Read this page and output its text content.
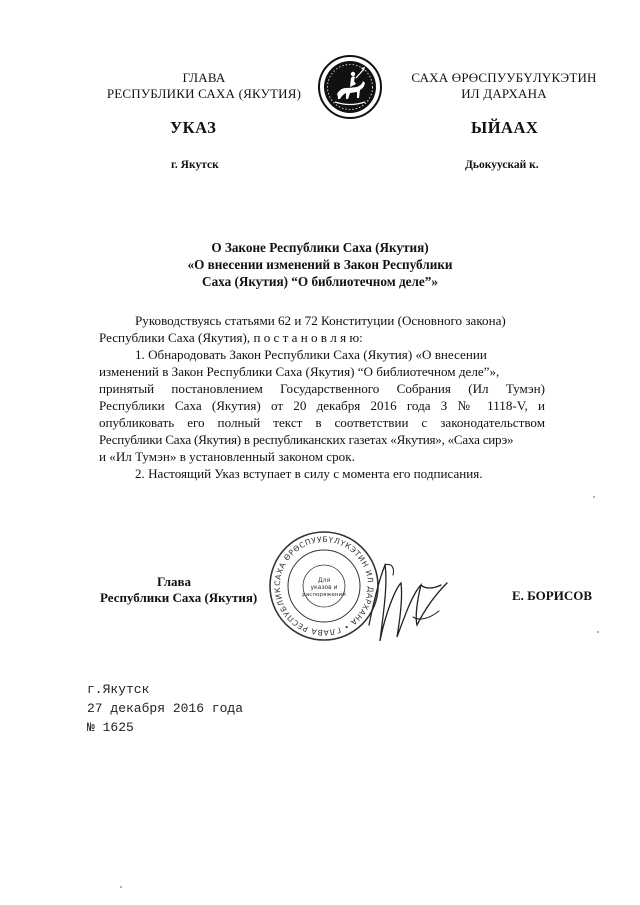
ГЛАВА
РЕСПУБЛИКИ САХА (ЯКУТИЯ)
САХА ӨРӨСПУУБҮЛҮКЭТИН
ИЛ ДАРХАНА
УКАЗ	ЫЙААХ
г. Якутск	Дьокуускай к.
О Законе Республики Саха (Якутия)
«О внесении изменений в Закон Республики
Саха (Якутия) “О библиотечном деле”»
Руководствуясь статьями 62 и 72 Конституции (Основного закона)
Республики Саха (Якутия), п о с т а н о в л я ю:
1. Обнародовать Закон Республики Саха (Якутия) «О внесении
изменений в Закон Республики Саха (Якутия) “О библиотечном деле”»,
принятый постановлением Государственного Собрания (Ил Тумэн)
Республики Саха (Якутия) от 20 декабря 2016 года З № 1118-V, и
опубликовать его полный текст в соответствии с законодательством
Республики Саха (Якутия) в республиканских газетах «Якутия», «Саха сирэ»
и «Ил Тумэн» в установленный законом срок.
2. Настоящий Указ вступает в силу с момента его подписания.
САХА ӨРӨСПУУБҮЛҮКЭТИН ИЛ ДАРХАНА • ГЛАВА РЕСПУБЛИК
Для
указов и
распоряжений
Глава
Республики Саха (Якутия)	Е. БОРИСОВ
г.Якутск
27 декабря 2016 года
№ 1625
